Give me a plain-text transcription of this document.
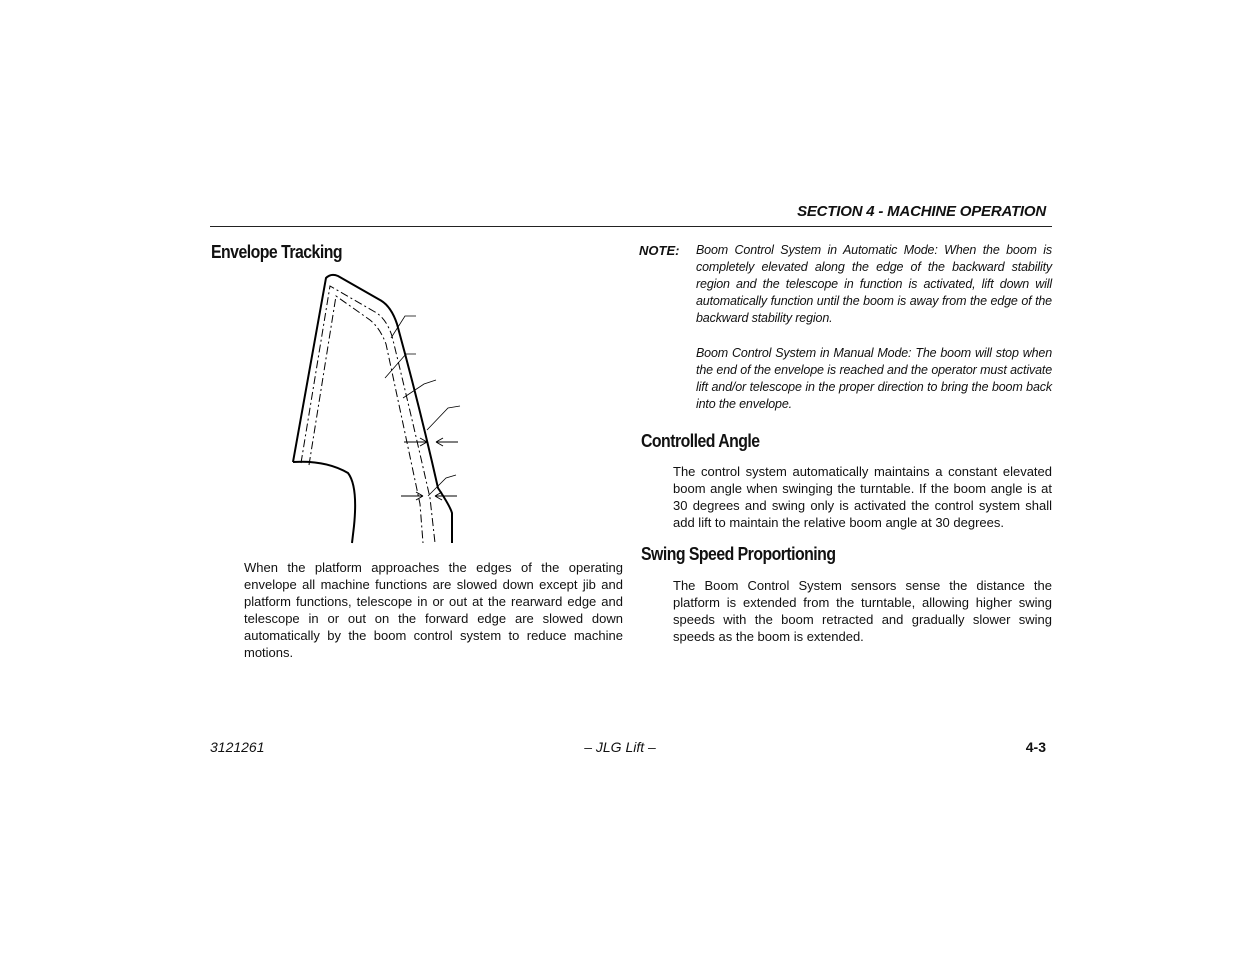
SECTION 4 - MACHINE OPERATION
Envelope Tracking

When the platform approaches the edges of the operating envelope all machine functions are slowed down except jib and platform functions, telescope in or out at the rearward edge and telescope in or out on the forward edge are slowed down automatically by the boom control system to reduce machine motions.

NOTE: Boom Control System in Automatic Mode: When the boom is completely elevated along the edge of the backward stability region and the telescope in function is activated, lift down will automatically function until the boom is away from the edge of the backward stability region.

Boom Control System in Manual Mode: The boom will stop when the end of the envelope is reached and the operator must activate lift and/or telescope in the proper direction to bring the boom back into the envelope.

Controlled Angle

The control system automatically maintains a constant elevated boom angle when swinging the turntable. If the boom angle is at 30 degrees and swing only is activated the control system shall add lift to maintain the relative boom angle at 30 degrees.

Swing Speed Proportioning

The Boom Control System sensors sense the distance the platform is extended from the turntable, allowing higher swing speeds with the boom retracted and gradually slower swing speeds as the boom is extended.

3121261	– JLG Lift –	4-3
